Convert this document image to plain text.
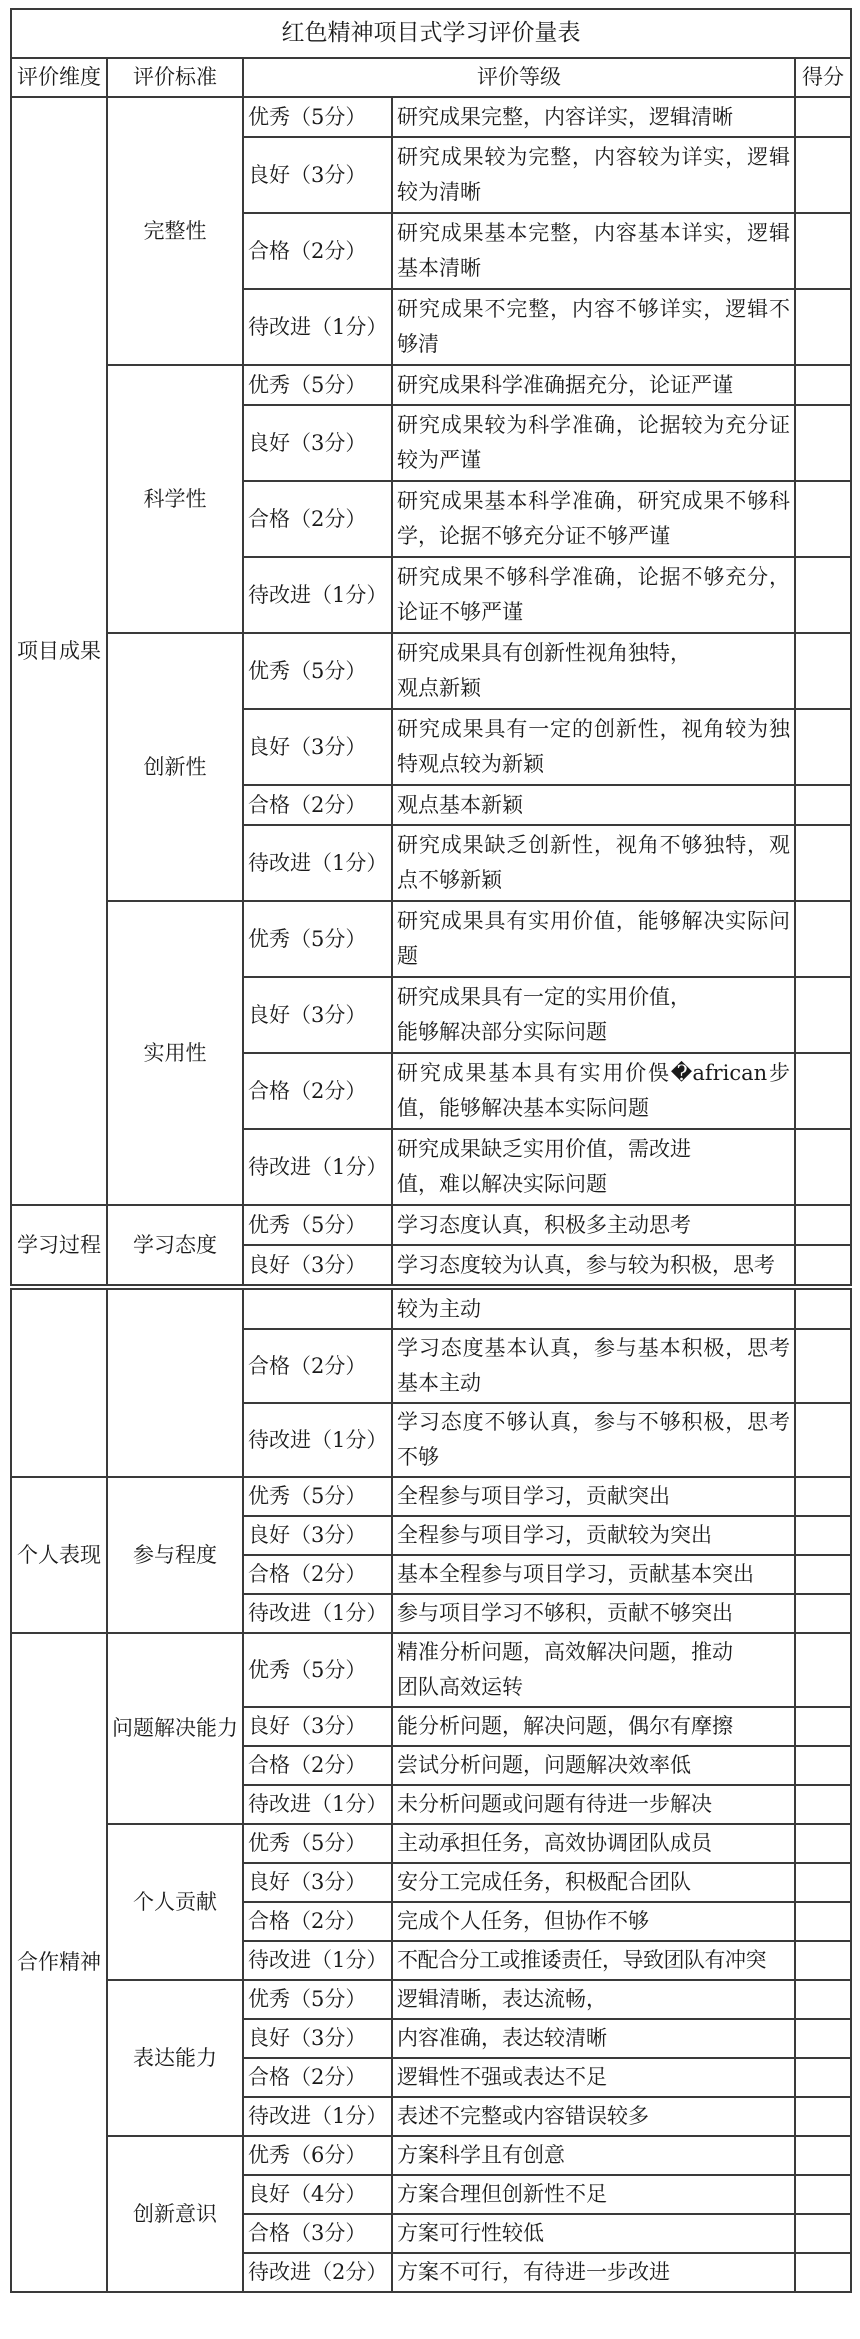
红色精神项目式学习评价量表				
评价维度	评价标准	评价等级		得分
项目成果	完整性	优秀（5分）	研究成果完整，内容详实，逻辑清晰	
		良好（3分）	研究成果较为完整，内容较为详实，逻辑较为清晰	
		合格（2分）	研究成果基本完整，内容基本详实，逻辑基本清晰	
		待改进（1分）	研究成果不完整，内容不够详实，逻辑不够清	
	科学性	优秀（5分）	研究成果科学准确据充分，论证严谨	
		良好（3分）	研究成果较为科学准确，论据较为充分证较为严谨	
		合格（2分）	研究成果基本科学准确，研究成果不够科学，论据不够充分证不够严谨	
		待改进（1分）	研究成果不够科学准确，论据不够充分，论证不够严谨	
	创新性	优秀（5分）	研究成果具有创新性视角独特，
观点新颖	

		良好（3分）	研究成果具有一定的创新性，视角较为独特观点较为新颖	
		合格（2分）	观点基本新颖	
		待改进（1分）	研究成果缺乏创新性，视角不够独特，观点不够新颖	
	实用性	优秀（5分）	研究成果具有实用价值，能够解决实际问题	
		良好（3分）	研究成果具有一定的实用价值，
能够解决部分实际问题	

		合格（2分）	研究成果基本具有实用价俁�african步值，能够解决基本实际问题	
		待改进（1分）	研究成果缺乏实用价值，需改进
值，难以解决实际问题	

学习过程	学习态度	优秀（5分）	学习态度认真，积极多主动思考	
		良好（3分）	学习态度较为认真，参与较为积极，思考	
			较为主动	
		合格（2分）	学习态度基本认真，参与基本积极，思考基本主动	
		待改进（1分）	学习态度不够认真，参与不够积极，思考不够	
个人表现	参与程度	优秀（5分）	全程参与项目学习，贡献突出	
		良好（3分）	全程参与项目学习，贡献较为突出	
		合格（2分）	基本全程参与项目学习，贡献基本突出	
		待改进（1分）	参与项目学习不够积，贡献不够突出	
合作精神	问题解决能力	优秀（5分）	精准分析问题，高效解决问题，推动
团队高效运转	

		良好（3分）	能分析问题，解决问题，偶尔有摩擦	
		合格（2分）	尝试分析问题，问题解决效率低	
		待改进（1分）	未分析问题或问题有待进一步解决	
	个人贡献	优秀（5分）	主动承担任务，高效协调团队成员	
		良好（3分）	安分工完成任务，积极配合团队	
		合格（2分）	完成个人任务，但协作不够	
		待改进（1分）	不配合分工或推诿责任，导致团队有冲突	
	表达能力	优秀（5分）	逻辑清晰，表达流畅，	
		良好（3分）	内容准确，表达较清晰	
		合格（2分）	逻辑性不强或表达不足	
		待改进（1分）	表述不完整或内容错误较多	
	创新意识	优秀（6分）	方案科学且有创意	
		良好（4分）	方案合理但创新性不足	
		合格（3分）	方案可行性较低	
		待改进（2分）	方案不可行，有待进一步改进	
